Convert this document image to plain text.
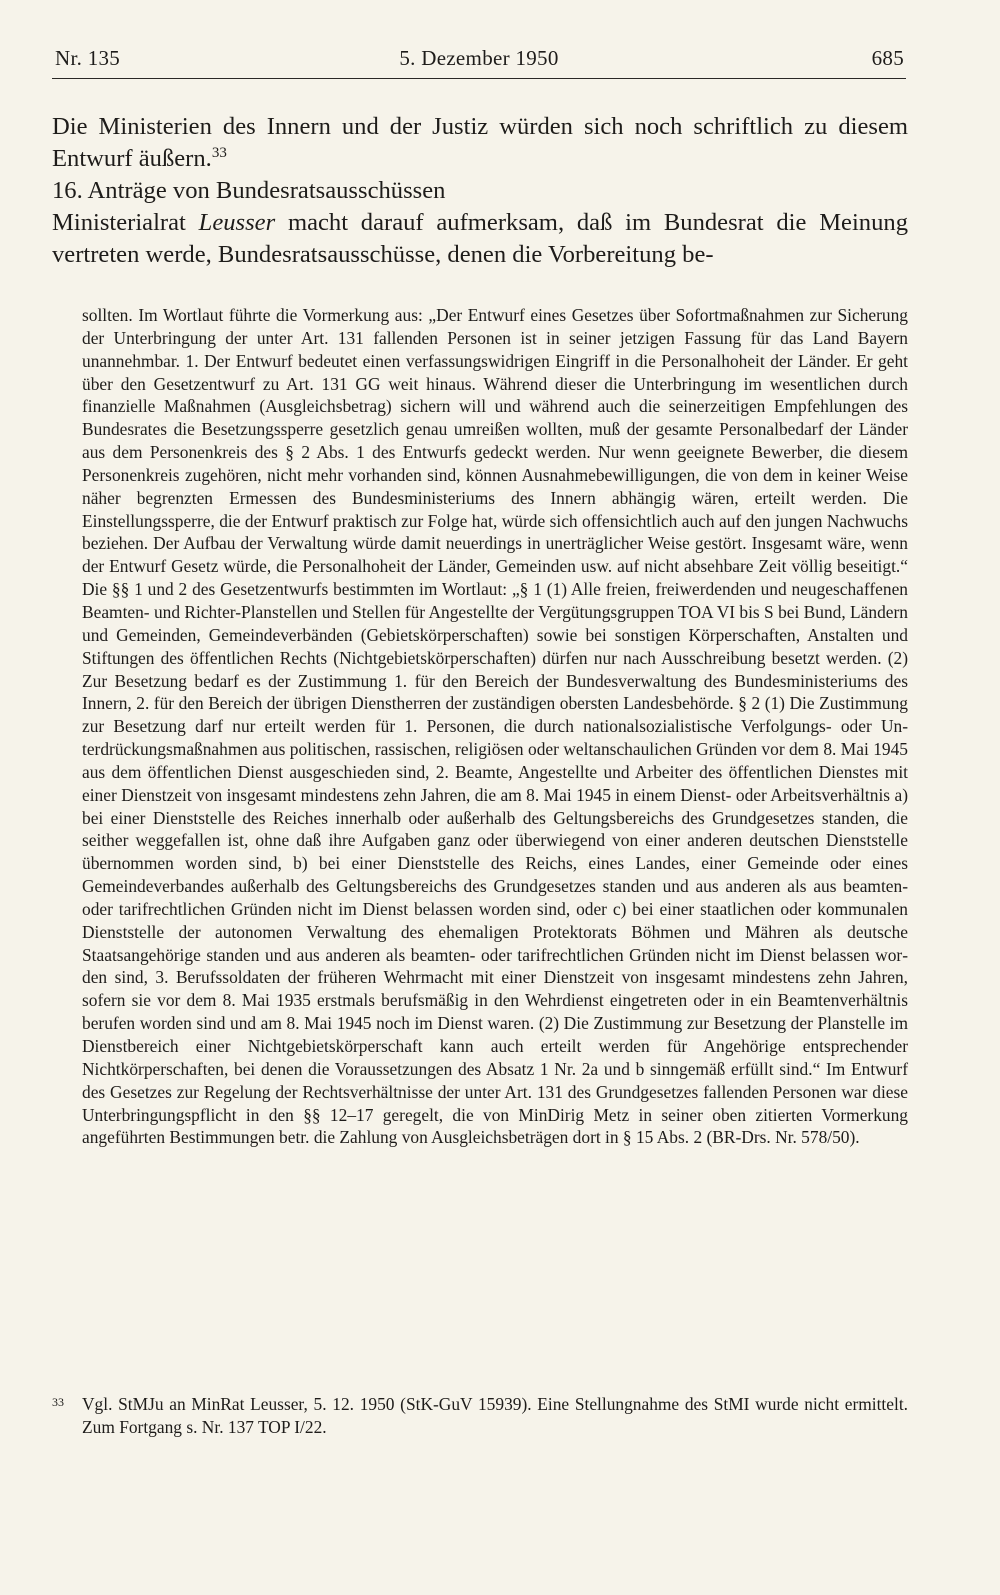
Nr. 135	5. Dezember 1950	685

Die Ministerien des Innern und der Justiz würden sich noch schriftlich zu diesem Entwurf äußern.$^{33}$

16. Anträge von Bundesratsausschüssen

Ministerialrat Leusser macht darauf aufmerksam, daß im Bundesrat die Meinung vertreten werde, Bundesratsausschüsse, denen die Vorbereitung be-

sollten. Im Wortlaut führte die Vormerkung aus: „Der Entwurf eines Gesetzes über Sofortmaßnahmen zur Sicherung der Unterbringung der unter Art. 131 fallenden Personen ist in seiner jetzigen Fassung für das Land Bayern unannehmbar. 1. Der Entwurf bedeutet einen verfassungswidrigen Eingriff in die Personalhoheit der Länder. Er geht über den Gesetzentwurf zu Art. 131 GG weit hinaus. Während dieser die Unterbringung im wesentlichen durch finanzielle Maßnahmen (Ausgleichsbetrag) sichern will und während auch die seinerzeitigen Empfehlungen des Bundesrates die Besetzungssperre gesetzlich genau umreißen wollten, muß der gesamte Personalbedarf der Länder aus dem Personenkreis des § 2 Abs. 1 des Entwurfs gedeckt werden. Nur wenn geeignete Bewerber, die diesem Personenkreis zugehören, nicht mehr vorhanden sind, können Ausnahmebewilligungen, die von dem in keiner Weise näher begrenzten Ermessen des Bundesministeriums des Innern abhängig wären, erteilt werden. Die Einstellungssperre, die der Entwurf praktisch zur Folge hat, würde sich offensichtlich auch auf den jungen Nachwuchs beziehen. Der Aufbau der Verwaltung würde damit neuerdings in unerträglicher Weise gestört. Insgesamt wäre, wenn der Entwurf Gesetz würde, die Personalhoheit der Länder, Gemeinden usw. auf nicht absehbare Zeit völlig beseitigt.“ Die §§ 1 und 2 des Gesetzentwurfs bestimmten im Wortlaut: „§ 1 (1) Alle freien, freiwerdenden und neugeschaffenen Beamten- und Richter-Planstellen und Stellen für Angestellte der Vergütungsgruppen TOA VI bis S bei Bund, Ländern und Gemeinden, Gemeindeverbänden (Gebietskörperschaften) sowie bei sonstigen Körperschaften, Anstalten und Stiftungen des öffentlichen Rechts (Nichtgebietskörperschaften) dürfen nur nach Ausschreibung besetzt werden. (2) Zur Besetzung bedarf es der Zustimmung 1. für den Bereich der Bundesverwaltung des Bundesministeriums des Innern, 2. für den Bereich der übrigen Dienstherren der zuständigen obersten Landesbehörde. § 2 (1) Die Zustimmung zur Besetzung darf nur erteilt werden für 1. Personen, die durch nationalsozialistische Verfolgungs- oder Unterdrückungsmaßnahmen aus politischen, rassischen, religiösen oder weltanschaulichen Gründen vor dem 8. Mai 1945 aus dem öffentlichen Dienst ausgeschieden sind, 2. Beamte, Angestellte und Arbeiter des öffentlichen Dienstes mit einer Dienstzeit von insgesamt mindestens zehn Jahren, die am 8. Mai 1945 in einem Dienst- oder Arbeitsverhältnis a) bei einer Dienststelle des Reiches innerhalb oder außerhalb des Geltungsbereichs des Grundgesetzes standen, die seither weggefallen ist, ohne daß ihre Aufgaben ganz oder überwiegend von einer anderen deutschen Dienststelle übernommen worden sind, b) bei einer Dienststelle des Reichs, eines Landes, einer Gemeinde oder eines Gemeindeverbandes außerhalb des Geltungsbereichs des Grundgesetzes standen und aus anderen als aus beamten- oder tarifrechtlichen Gründen nicht im Dienst belassen worden sind, oder c) bei einer staatlichen oder kommunalen Dienststelle der autonomen Verwaltung des ehemaligen Protektorats Böhmen und Mähren als deutsche Staatsangehörige standen und aus anderen als beamten- oder tarifrechtlichen Gründen nicht im Dienst belassen worden sind, 3. Berufssoldaten der früheren Wehrmacht mit einer Dienstzeit von insgesamt mindestens zehn Jahren, sofern sie vor dem 8. Mai 1935 erstmals berufsmäßig in den Wehrdienst eingetreten oder in ein Beamtenverhältnis berufen worden sind und am 8. Mai 1945 noch im Dienst waren. (2) Die Zustimmung zur Besetzung der Planstelle im Dienstbereich einer Nichtgebietskörperschaft kann auch erteilt werden für Angehörige entsprechender Nichtkörperschaften, bei denen die Voraussetzungen des Absatz 1 Nr. 2a und b sinngemäß erfüllt sind.“ Im Entwurf des Gesetzes zur Regelung der Rechtsverhältnisse der unter Art. 131 des Grundgesetzes fallenden Personen war diese Unterbringungspflicht in den §§ 12–17 geregelt, die von MinDirig Metz in seiner oben zitierten Vormerkung angeführten Bestimmungen betr. die Zahlung von Ausgleichsbeträgen dort in § 15 Abs. 2 (BR-Drs. Nr. 578/50).

33 Vgl. StMJu an MinRat Leusser, 5. 12. 1950 (StK-GuV 15939). Eine Stellungnahme des StMI wurde nicht ermittelt. Zum Fortgang s. Nr. 137 TOP I/22.
